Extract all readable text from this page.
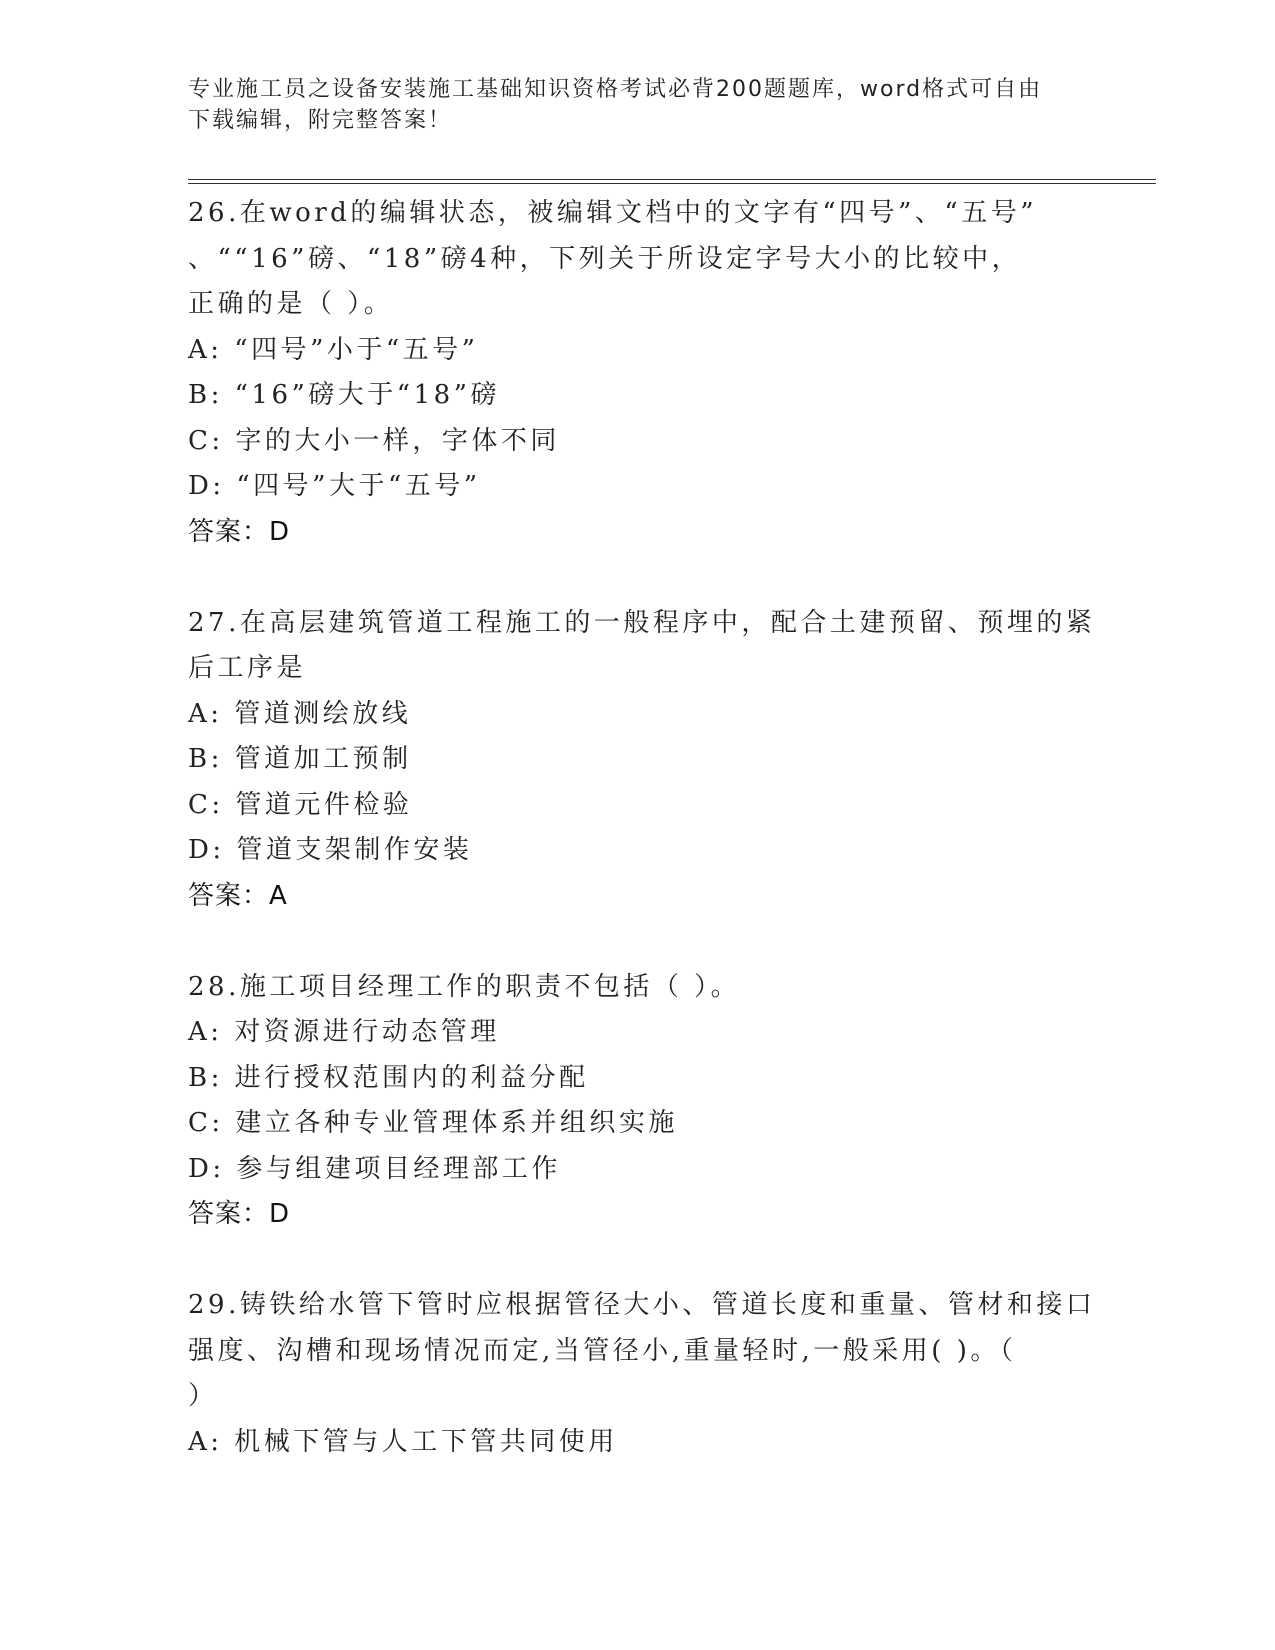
专业施工员之设备安装施工基础知识资格考试必背200题题库，word格式可自由
下载编辑，附完整答案！
26.在word的编辑状态，被编辑文档中的文字有“四号”、“五号”
、““16”磅、“18”磅4种，下列关于所设定字号大小的比较中，
正确的是（ ）。
A: “四号”小于“五号”
B: “16”磅大于“18”磅
C: 字的大小一样，字体不同
D: “四号”大于“五号”
答案：D
27.在高层建筑管道工程施工的一般程序中，配合土建预留、预埋的紧
后工序是
A: 管道测绘放线
B: 管道加工预制
C: 管道元件检验
D: 管道支架制作安装
答案：A
28.施工项目经理工作的职责不包括（ ）。
A: 对资源进行动态管理
B: 进行授权范围内的利益分配
C: 建立各种专业管理体系并组织实施
D: 参与组建项目经理部工作
答案：D
29.铸铁给水管下管时应根据管径大小、管道长度和重量、管材和接口
强度、沟槽和现场情况而定,当管径小,重量轻时,一般采用( )。（
）
A: 机械下管与人工下管共同使用
